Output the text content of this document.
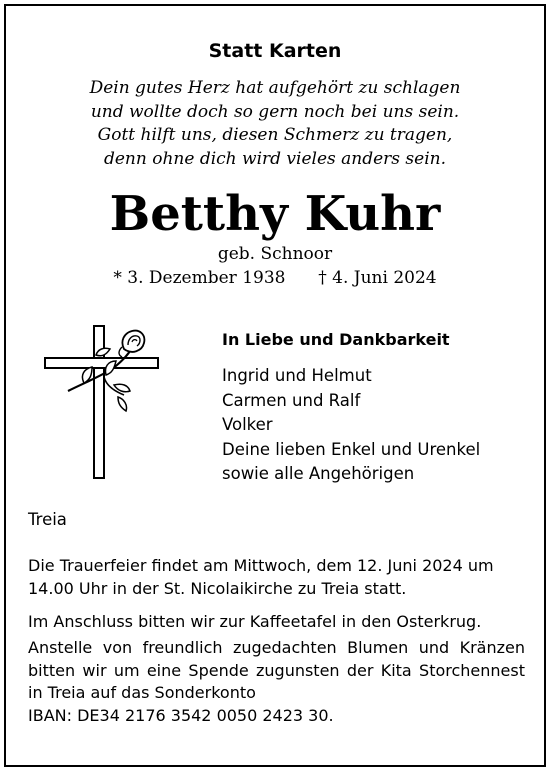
Statt Karten
Dein gutes Herz hat aufgehört zu schlagen
und wollte doch so gern noch bei uns sein.
Gott hilft uns, diesen Schmerz zu tragen,
denn ohne dich wird vieles anders sein.
Betthy Kuhr
geb. Schnoor
* 3. Dezember 1938 † 4. Juni 2024
In Liebe und Dankbarkeit
Ingrid und Helmut
Carmen und Ralf
Volker
Deine lieben Enkel und Urenkel
sowie alle Angehörigen
Treia
Die Trauerfeier findet am Mittwoch, dem 12. Juni 2024 um 14.00 Uhr in der St. Nicolaikirche zu Treia statt.
Im Anschluss bitten wir zur Kaffeetafel in den Osterkrug.
Anstelle von freundlich zugedachten Blumen und Kränzen bitten wir um eine Spende zugunsten der Kita Storchennest in Treia auf das Sonderkonto
IBAN: DE34 2176 3542 0050 2423 30.
